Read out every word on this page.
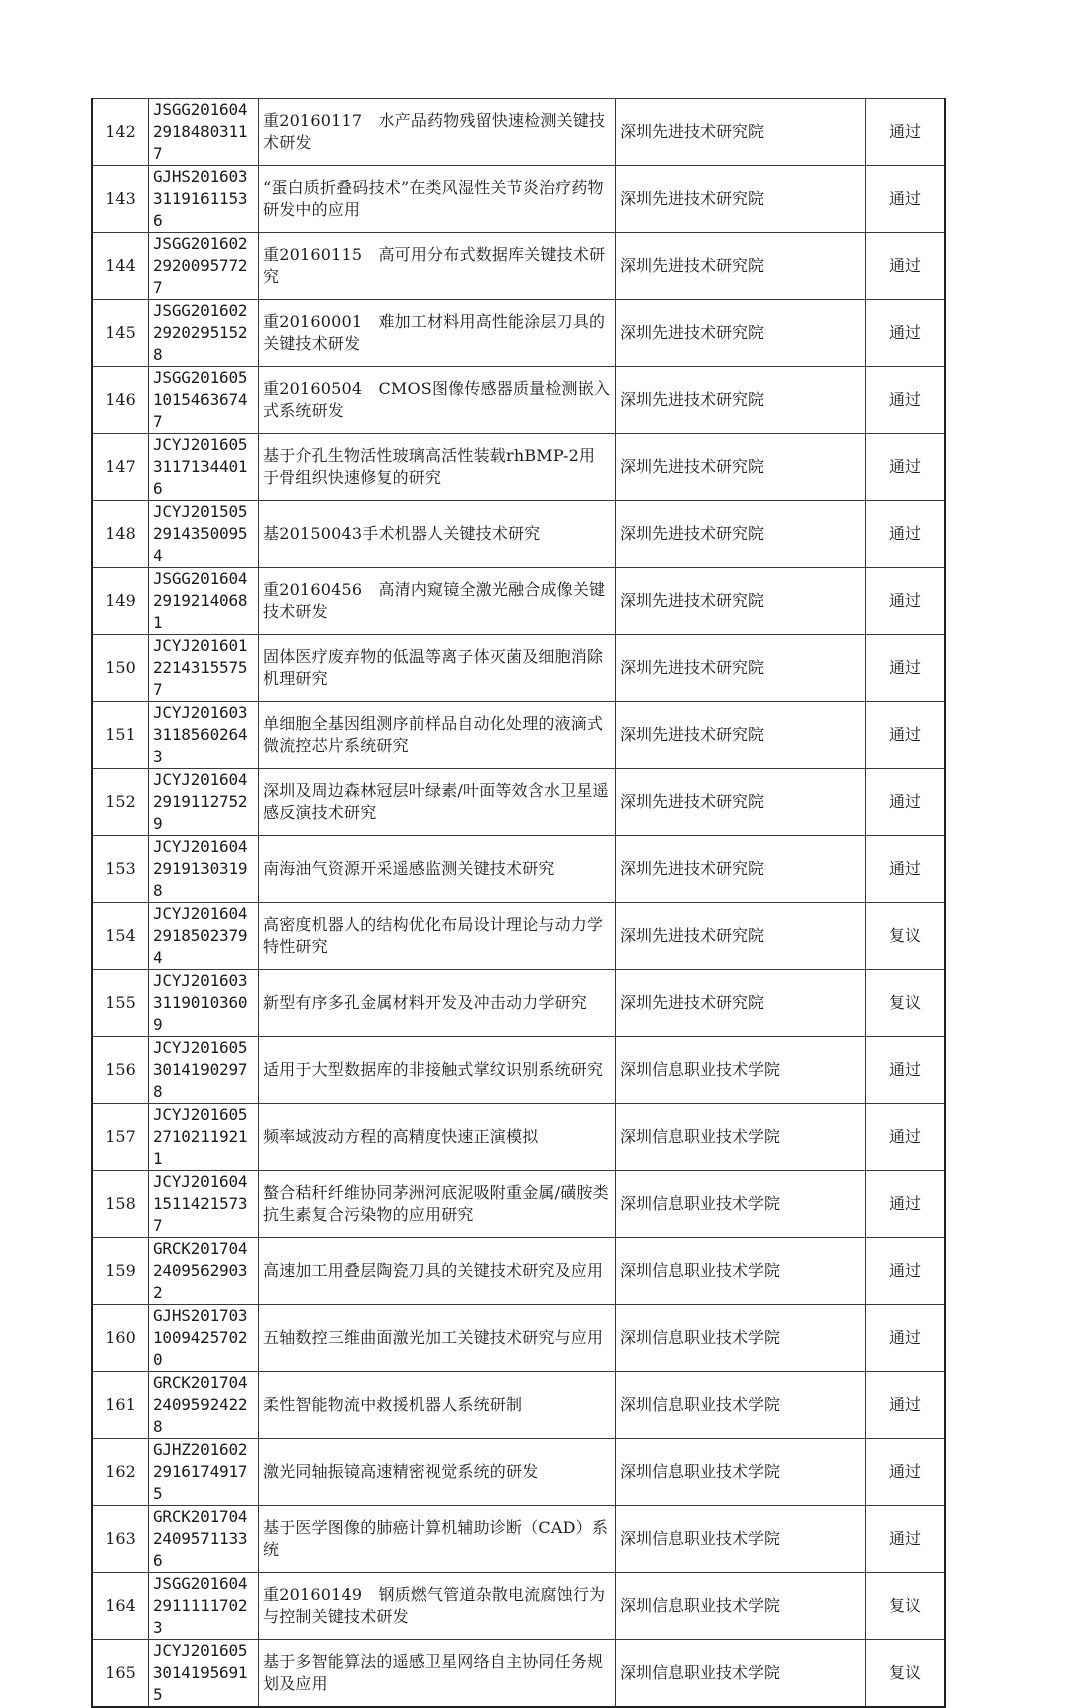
142	JSGG20160429184803117	重20160117　水产品药物残留快速检测关键技术研发	深圳先进技术研究院	通过
143	GJHS20160331191611536	“蛋白质折叠码技术”在类风湿性关节炎治疗药物研发中的应用	深圳先进技术研究院	通过
144	JSGG20160229200957727	重20160115　高可用分布式数据库关键技术研究	深圳先进技术研究院	通过
145	JSGG20160229202951528	重20160001　难加工材料用高性能涂层刀具的关键技术研发	深圳先进技术研究院	通过
146	JSGG20160510154636747	重20160504　CMOS图像传感器质量检测嵌入式系统研发	深圳先进技术研究院	通过
147	JCYJ20160531171344016	基于介孔生物活性玻璃高活性装载rhBMP-2用于骨组织快速修复的研究	深圳先进技术研究院	通过
148	JCYJ20150529143500954	基20150043手术机器人关键技术研究	深圳先进技术研究院	通过
149	JSGG20160429192140681	重20160456　高清内窥镜全激光融合成像关键技术研发	深圳先进技术研究院	通过
150	JCYJ20160122143155757	固体医疗废弃物的低温等离子体灭菌及细胞消除机理研究	深圳先进技术研究院	通过
151	JCYJ20160331185602643	单细胞全基因组测序前样品自动化处理的液滴式微流控芯片系统研究	深圳先进技术研究院	通过
152	JCYJ20160429191127529	深圳及周边森林冠层叶绿素/叶面等效含水卫星遥感反演技术研究	深圳先进技术研究院	通过
153	JCYJ20160429191303198	南海油气资源开采遥感监测关键技术研究	深圳先进技术研究院	通过
154	JCYJ20160429185023794	高密度机器人的结构优化布局设计理论与动力学特性研究	深圳先进技术研究院	复议
155	JCYJ20160331190103609	新型有序多孔金属材料开发及冲击动力学研究	深圳先进技术研究院	复议
156	JCYJ20160530141902978	适用于大型数据库的非接触式掌纹识别系统研究	深圳信息职业技术学院	通过
157	JCYJ20160527102119211	频率域波动方程的高精度快速正演模拟	深圳信息职业技术学院	通过
158	JCYJ20160415114215737	螯合秸秆纤维协同茅洲河底泥吸附重金属/磺胺类抗生素复合污染物的应用研究	深圳信息职业技术学院	通过
159	GRCK20170424095629032	高速加工用叠层陶瓷刀具的关键技术研究及应用	深圳信息职业技术学院	通过
160	GJHS20170310094257020	五轴数控三维曲面激光加工关键技术研究与应用	深圳信息职业技术学院	通过
161	GRCK20170424095924228	柔性智能物流中救援机器人系统研制	深圳信息职业技术学院	通过
162	GJHZ20160229161749175	激光同轴振镜高速精密视觉系统的研发	深圳信息职业技术学院	通过
163	GRCK20170424095711336	基于医学图像的肺癌计算机辅助诊断（CAD）系统	深圳信息职业技术学院	通过
164	JSGG20160429111117023	重20160149　钢质燃气管道杂散电流腐蚀行为与控制关键技术研发	深圳信息职业技术学院	复议
165	JCYJ20160530141956915	基于多智能算法的遥感卫星网络自主协同任务规划及应用	深圳信息职业技术学院	复议
